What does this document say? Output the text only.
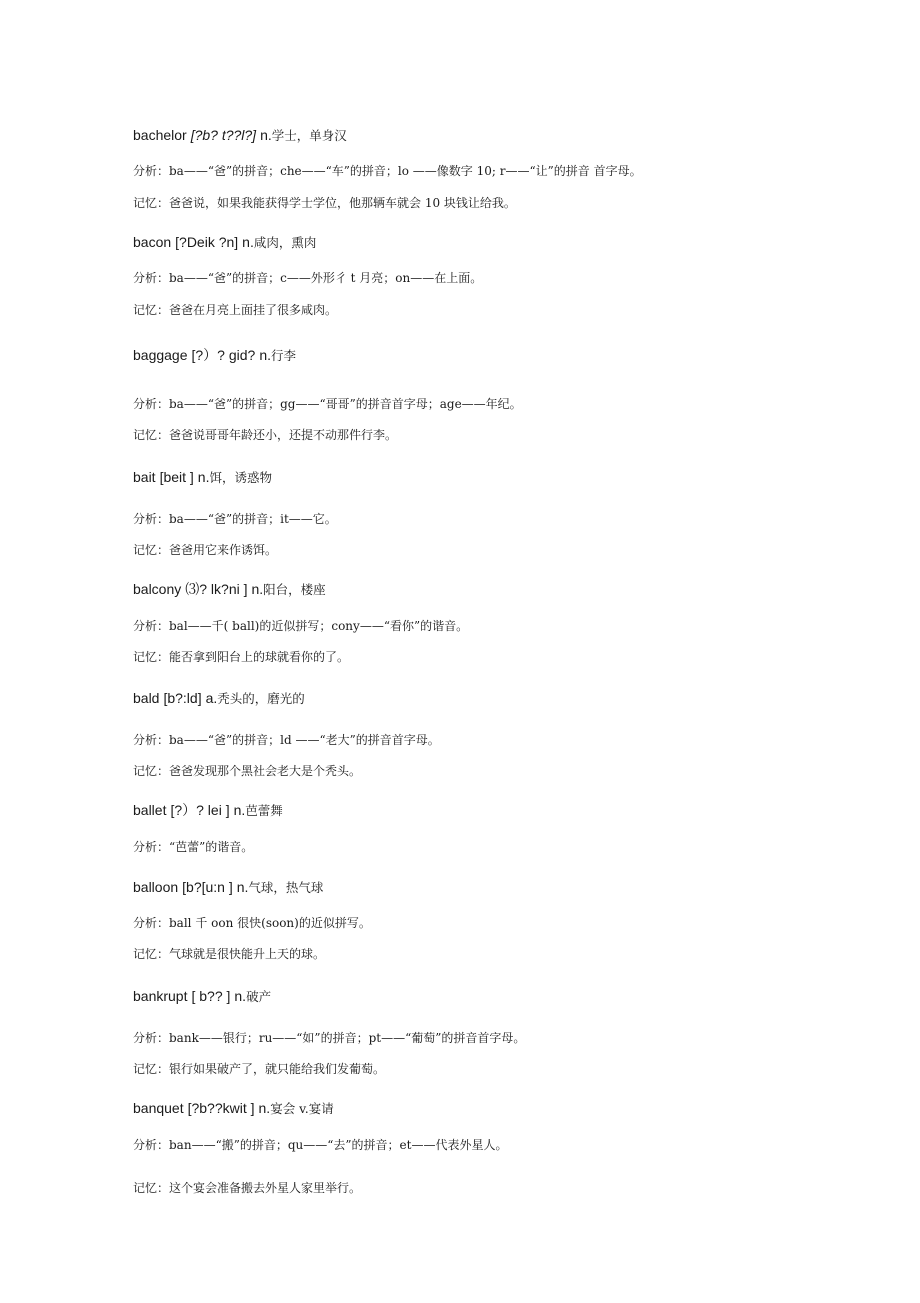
bachelor [?b? t??l?] n.学士，单身汉
分析：ba——“爸”的拼音；che——“车”的拼音；lo ——像数字 10; r——“让”的拼音 首字母。
记忆：爸爸说，如果我能获得学士学位，他那辆车就会 10 块钱让给我。
bacon [?Deik ?n] n.咸肉，熏肉
分析：ba——“爸”的拼音；c——外形彳 t 月亮；on——在上面。
记忆：爸爸在月亮上面挂了很多咸肉。
baggage [?）? gid? n.行李
分析：ba——“爸”的拼音；gg——“哥哥”的拼音首字母；age——年纪。
记忆：爸爸说哥哥年龄还小，还提不动那件行李。
bait [beit ] n.饵，诱惑物
分析：ba——“爸”的拼音；it——它。
记忆：爸爸用它来作诱饵。
balcony ⑶? lk?ni ] n.阳台，楼座
分析：bal——千( ball)的近似拼写；cony——“看你”的谐音。
记忆：能否拿到阳台上的球就看你的了。
bald [b?:ld] a.秃头的，磨光的
分析：ba——“爸”的拼音；ld ——“老大”的拼音首字母。
记忆：爸爸发现那个黑社会老大是个秃头。
ballet [?）? lei ] n.芭蕾舞
分析：“芭蕾”的谐音。
balloon [b?[u:n ] n.气球，热气球
分析：ball 千 oon 很快(soon)的近似拼写。
记忆：气球就是很快能升上天的球。
bankrupt [ b?? ] n.破产
分析：bank——银行；ru——“如”的拼音；pt——“葡萄”的拼音首字母。
记忆：银行如果破产了，就只能给我们发葡萄。
banquet [?b??kwit ] n.宴会 v.宴请
分析：ban——“搬”的拼音；qu——“去”的拼音；et——代表外星人。
记忆：这个宴会准备搬去外星人家里举行。
